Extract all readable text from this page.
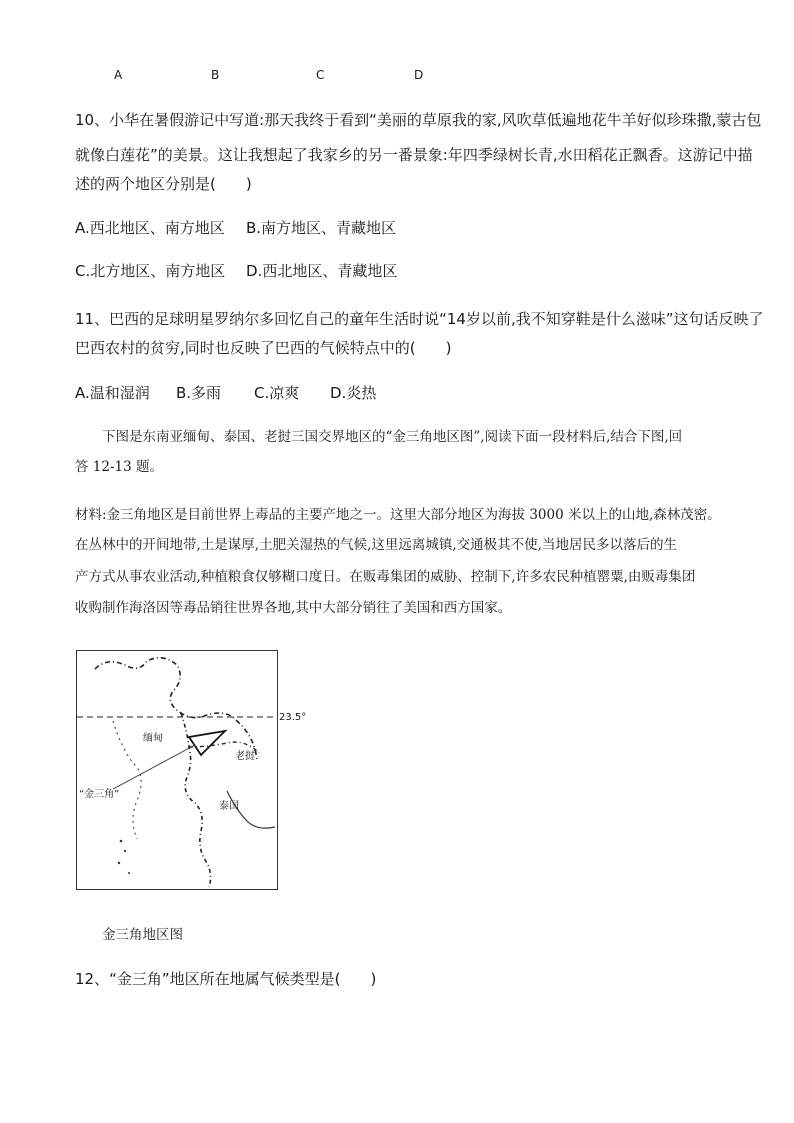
A	B	C	D
10、小华在暑假游记中写道:那天我终于看到“美丽的草原我的家,风吹草低遍地花牛羊好似珍珠撒,蒙古包
就像白莲花”的美景。这让我想起了我家乡的另一番景象:年四季绿树长青,水田稻花正飘香。这游记中描
述的两个地区分别是(　　)
A.西北地区、南方地区 B.南方地区、青藏地区
C.北方地区、南方地区 D.西北地区、青藏地区
11、巴西的足球明星罗纳尔多回忆自己的童年生活时说“14岁以前,我不知穿鞋是什么滋味”这句话反映了
巴西农村的贫穷,同时也反映了巴西的气候特点中的(　　)
A.温和湿润 B.多雨 C.凉爽 D.炎热
下图是东南亚缅甸、泰国、老挝三国交界地区的“金三角地区图”,阅读下面一段材料后,结合下图,回
答 12-13 题。
材料:金三角地区是目前世界上毒品的主要产地之一。这里大部分地区为海拔 3000 米以上的山地,森林茂密。
在丛林中的开间地带,土是谋厚,土肥关湿热的气候,这里远离城镇,交通极其不使,当地居民多以落后的生
产方式从事农业活动,种植粮食仅够糊口度日。在贩毒集团的威胁、控制下,许多农民种植罂粟,由贩毒集团
收购制作海洛因等毒品销往世界各地,其中大部分销往了美国和西方国家。
缅甸
老挝
“金三角”
泰国
23.5°
金三角地区图
12、“金三角”地区所在地属气候类型是(　　)
